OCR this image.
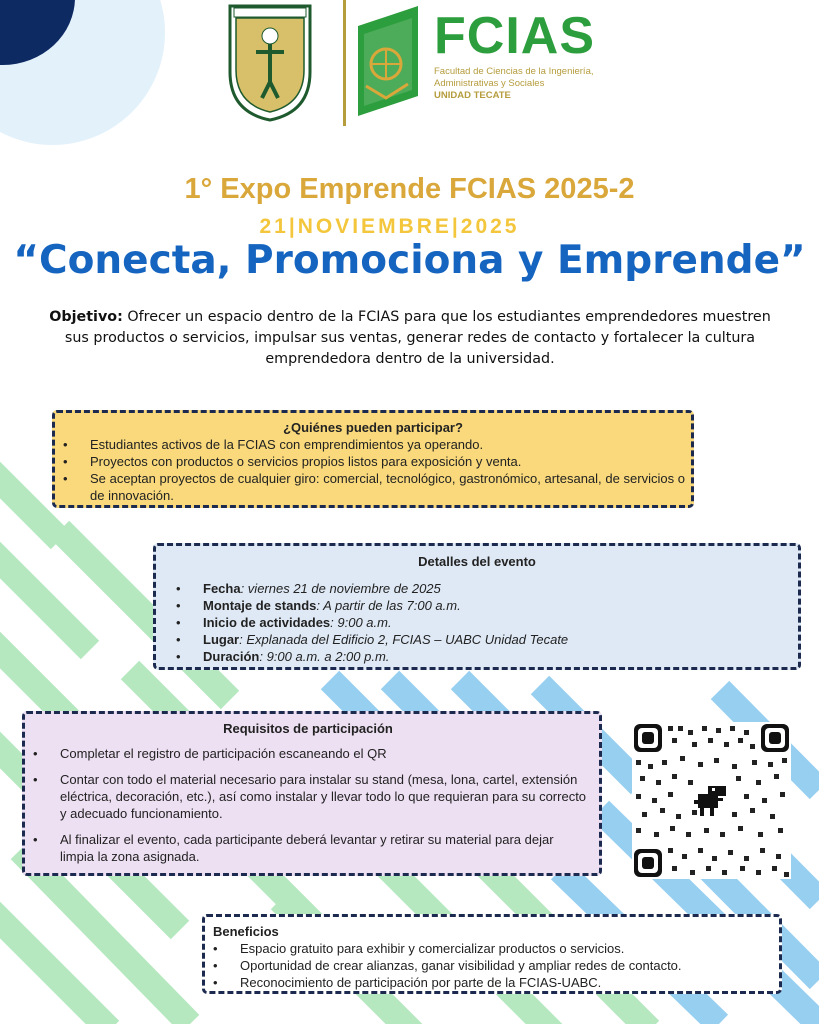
FCIAS
Facultad de Ciencias de la Ingeniería,
Administrativas y Sociales
UNIDAD TECATE
1° Expo Emprende FCIAS 2025-2
21|NOVIEMBRE|2025
“Conecta, Promociona y Emprende”
Objetivo: Ofrecer un espacio dentro de la FCIAS para que los estudiantes emprendedores muestren sus productos o servicios, impulsar sus ventas, generar redes de contacto y fortalecer la cultura emprendedora dentro de la universidad.
¿Quiénes pueden participar?
• Estudiantes activos de la FCIAS con emprendimientos ya operando.
• Proyectos con productos o servicios propios listos para exposición y venta.
• Se aceptan proyectos de cualquier giro: comercial, tecnológico, gastronómico, artesanal, de servicios o de innovación.
Detalles del evento
• Fecha: viernes 21 de noviembre de 2025
• Montaje de stands: A partir de las 7:00 a.m.
• Inicio de actividades: 9:00 a.m.
• Lugar: Explanada del Edificio 2, FCIAS – UABC Unidad Tecate
• Duración: 9:00 a.m. a 2:00 p.m.
Requisitos de participación
• Completar el registro de participación escaneando el QR
• Contar con todo el material necesario para instalar su stand (mesa, lona, cartel, extensión eléctrica, decoración, etc.), así como instalar y llevar todo lo que requieran para su correcto y adecuado funcionamiento.
• Al finalizar el evento, cada participante deberá levantar y retirar su material para dejar limpia la zona asignada.
Beneficios
• Espacio gratuito para exhibir y comercializar productos o servicios.
• Oportunidad de crear alianzas, ganar visibilidad y ampliar redes de contacto.
• Reconocimiento de participación por parte de la FCIAS-UABC.
